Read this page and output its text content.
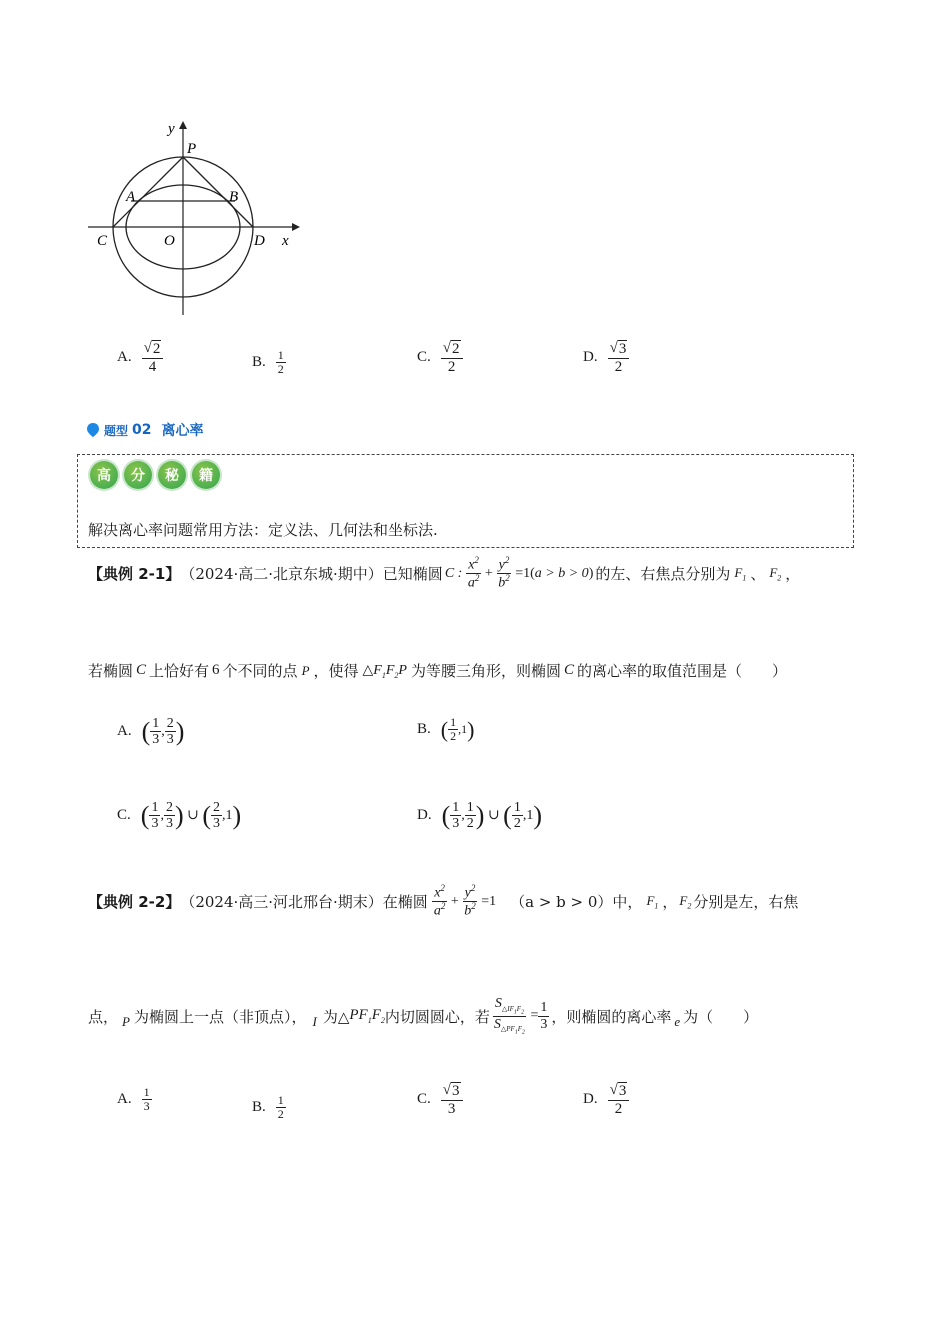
y
P
A	B
C	O	D x
A. $\frac{√ 2}{4}$	B. $\frac{1}{2}$	C. $\frac{√ 2}{2}$	D. $\frac{√ 3}{2}$
题型 02 离心率
高	分	秘	籍
解决离心率问题常用方法：定义法、几何法和坐标法.
【典例 2-1】 （2024·高二·北京东城·期中）已知椭圆 C : $\frac{x^2}{a^2}$
+
$\frac{y^2}{b^2}$
=1( a > b > 0 ) 的左、右焦点分别为 $F_1$ 、 $F_2$ ，
若椭圆 C 上恰好有 6 个不同的点 P ，使得 $\triangle F_1F_2P$ 为等腰三角形，则椭圆 C 的离心率的取值范围是（　　）
A. ( $\frac{1}{3}$ , $\frac{2}{3}$ )	B. ( $\frac{1}{2} ,1$ )
C. ( $\frac{1}{3}$ , $\frac{2}{3}$ ) ∪ ( $\frac{2}{3} ,1$ )	D. ( $\frac{1}{3}$ , $\frac{1}{2}$ ) ∪ ( $\frac{1}{2} ,1$ )
【典例 2-2】 （2024·高三·河北邢台·期末）在椭圆 $\frac{x^2}{a^2}$
+
$\frac{y^2}{b^2}$
=1 （a > b > 0）中， $F_1$ ， $F_2$ 分别是左，右焦
点， P 为椭圆上一点（非顶点）， I 为△ $PF_1F_2$ 内切圆圆心，若 $\frac{S_{\triangle IF_1F_2}}{S_{\triangle PF_1F_2}}$
= $\frac{1}{3}$ ，则椭圆的离心率 e 为（　　）
A. $\frac{1}{3}$	B. $\frac{1}{2}$	C. $\frac{√ 3}{3}$	D. $\frac{√ 3}{2}$
